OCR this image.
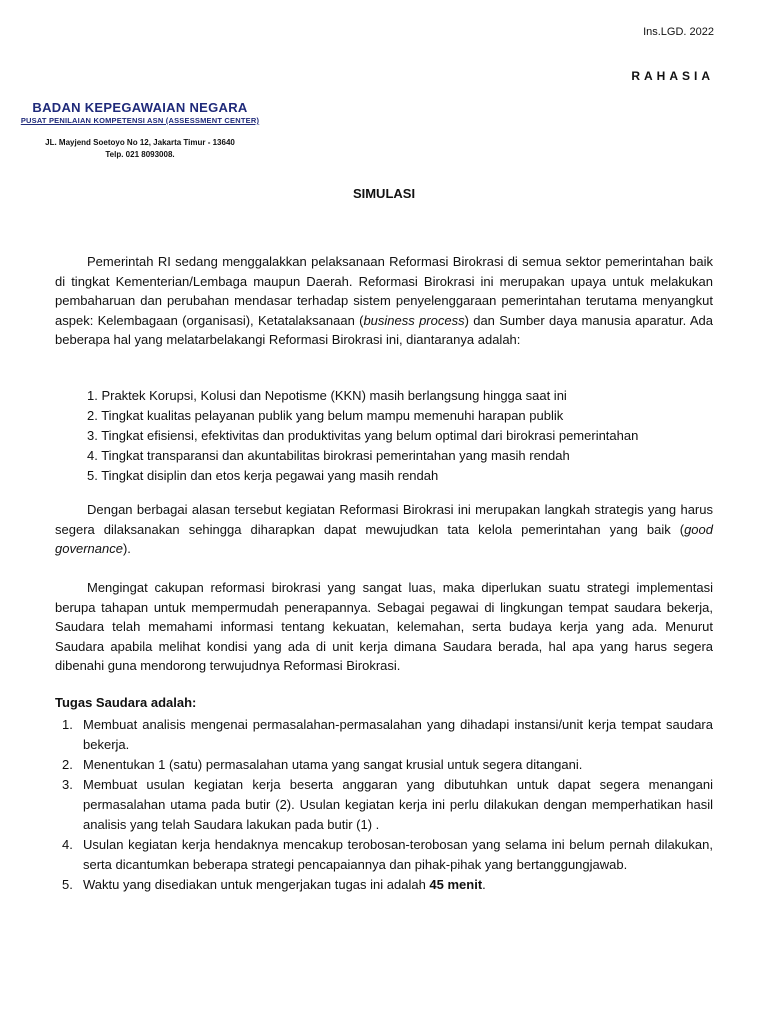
Ins.LGD. 2022
RAHASIA
BADAN KEPEGAWAIAN NEGARA
PUSAT PENILAIAN KOMPETENSI ASN (ASSESSMENT CENTER)
JL. Mayjend Soetoyo No 12, Jakarta Timur - 13640
Telp. 021 8093008.
SIMULASI

Pemerintah RI sedang menggalakkan pelaksanaan Reformasi Birokrasi di semua sektor pemerintahan baik di tingkat Kementerian/Lembaga maupun Daerah. Reformasi Birokrasi ini merupakan upaya untuk melakukan pembaharuan dan perubahan mendasar terhadap sistem penyelenggaraan pemerintahan terutama menyangkut aspek: Kelembagaan (organisasi), Ketatalaksanaan (business process) dan Sumber daya manusia aparatur. Ada beberapa hal yang melatarbelakangi Reformasi Birokrasi ini, diantaranya adalah:

1. Praktek Korupsi, Kolusi dan Nepotisme (KKN) masih berlangsung hingga saat ini
2. Tingkat kualitas pelayanan publik yang belum mampu memenuhi harapan publik
3. Tingkat efisiensi, efektivitas dan produktivitas yang belum optimal dari birokrasi pemerintahan
4. Tingkat transparansi dan akuntabilitas birokrasi pemerintahan yang masih rendah
5. Tingkat disiplin dan etos kerja pegawai yang masih rendah

Dengan berbagai alasan tersebut kegiatan Reformasi Birokrasi ini merupakan langkah strategis yang harus segera dilaksanakan sehingga diharapkan dapat mewujudkan tata kelola pemerintahan yang baik (good governance).

Mengingat cakupan reformasi birokrasi yang sangat luas, maka diperlukan suatu strategi implementasi berupa tahapan untuk mempermudah penerapannya. Sebagai pegawai di lingkungan tempat saudara bekerja, Saudara telah memahami informasi tentang kekuatan, kelemahan, serta budaya kerja yang ada. Menurut Saudara apabila melihat kondisi yang ada di unit kerja dimana Saudara berada, hal apa yang harus segera dibenahi guna mendorong terwujudnya Reformasi Birokrasi.

Tugas Saudara adalah:
1. Membuat analisis mengenai permasalahan-permasalahan yang dihadapi instansi/unit kerja tempat saudara bekerja.
2. Menentukan 1 (satu) permasalahan utama yang sangat krusial untuk segera ditangani.
3. Membuat usulan kegiatan kerja beserta anggaran yang dibutuhkan untuk dapat segera menangani permasalahan utama pada butir (2). Usulan kegiatan kerja ini perlu dilakukan dengan memperhatikan hasil analisis yang telah Saudara lakukan pada butir (1) .
4. Usulan kegiatan kerja hendaknya mencakup terobosan-terobosan yang selama ini belum pernah dilakukan, serta dicantumkan beberapa strategi pencapaiannya dan pihak-pihak yang bertanggungjawab.
5. Waktu yang disediakan untuk mengerjakan tugas ini adalah 45 menit.
